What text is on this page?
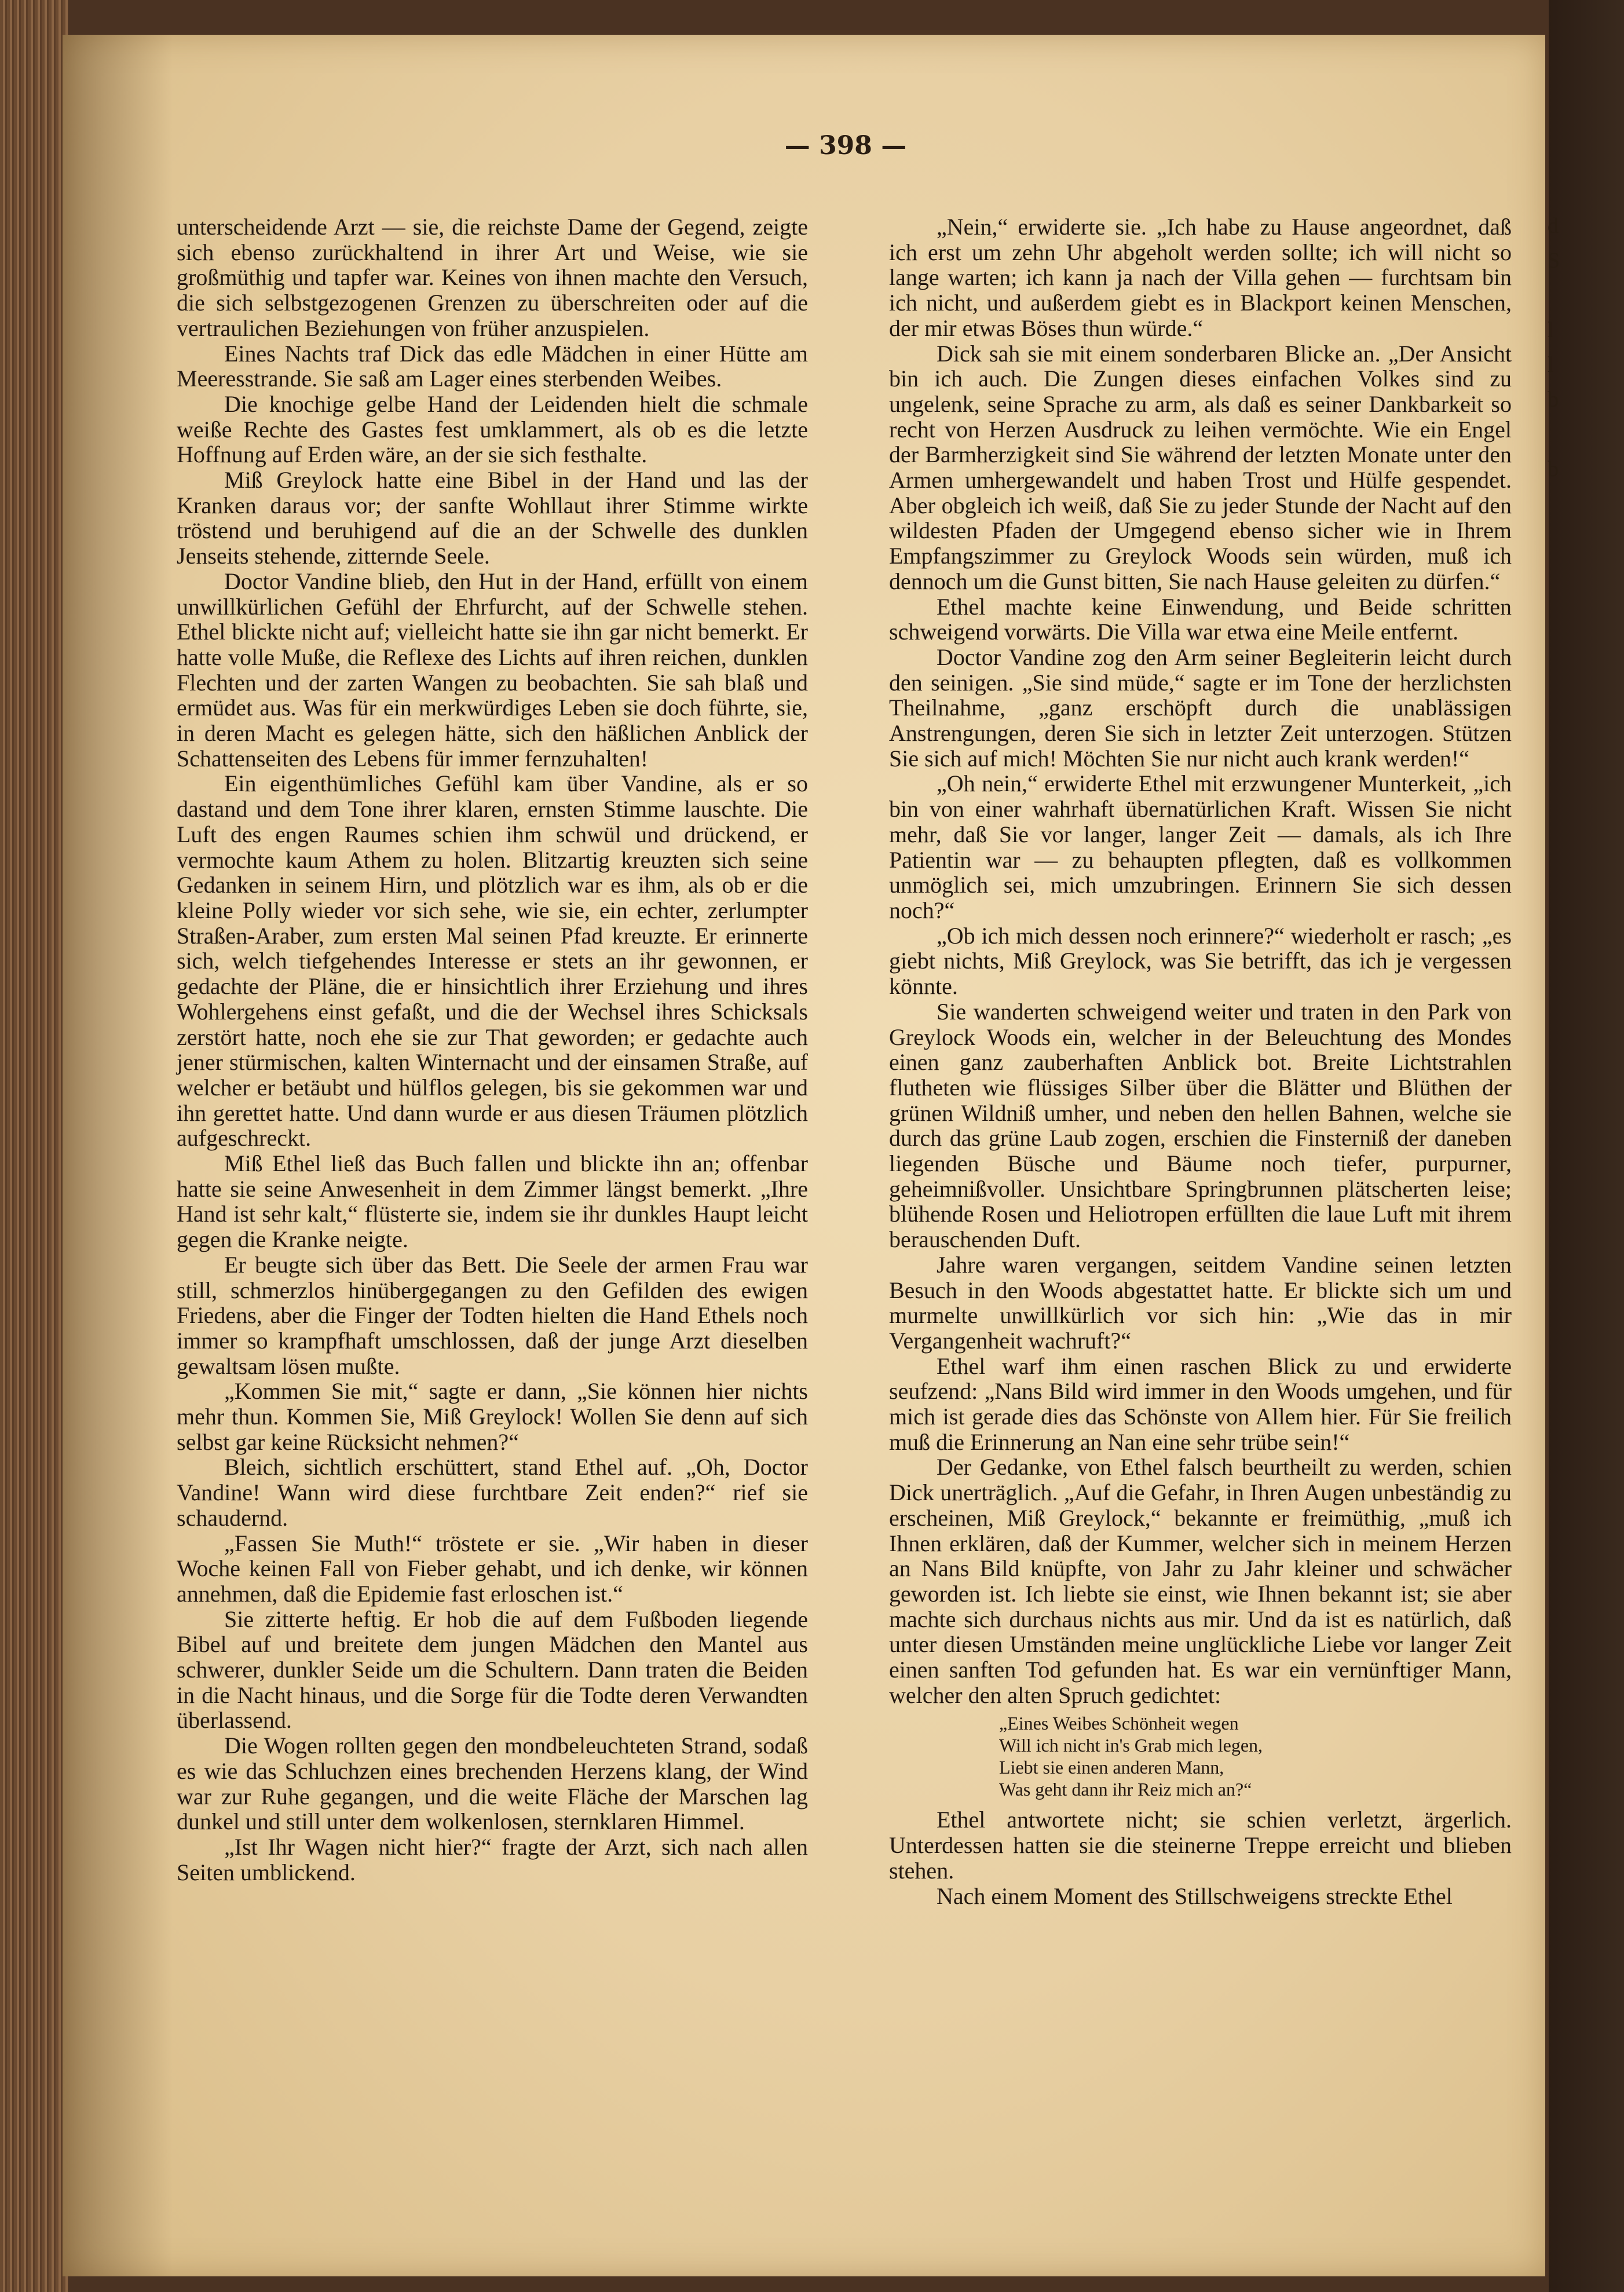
— 398 —

unterscheidende Arzt — sie, die reichste Dame der Gegend, zeigte sich ebenso zurückhaltend in ihrer Art und Weise, wie sie großmüthig und tapfer war. Keines von ihnen machte den Versuch, die sich selbstgezogenen Grenzen zu überschreiten oder auf die vertraulichen Beziehungen von früher anzuspielen.

Eines Nachts traf Dick das edle Mädchen in einer Hütte am Meeresstrande. Sie saß am Lager eines sterbenden Weibes.

Die knochige gelbe Hand der Leidenden hielt die schmale weiße Rechte des Gastes fest umklammert, als ob es die letzte Hoffnung auf Erden wäre, an der sie sich festhalte.

Miß Greylock hatte eine Bibel in der Hand und las der Kranken daraus vor; der sanfte Wohllaut ihrer Stimme wirkte tröstend und beruhigend auf die an der Schwelle des dunklen Jenseits stehende, zitternde Seele.

Doctor Vandine blieb, den Hut in der Hand, erfüllt von einem unwillkürlichen Gefühl der Ehrfurcht, auf der Schwelle stehen. Ethel blickte nicht auf; vielleicht hatte sie ihn gar nicht bemerkt. Er hatte volle Muße, die Reflexe des Lichts auf ihren reichen, dunklen Flechten und der zarten Wangen zu beobachten. Sie sah blaß und ermüdet aus. Was für ein merkwürdiges Leben sie doch führte, sie, in deren Macht es gelegen hätte, sich den häßlichen Anblick der Schattenseiten des Lebens für immer fernzuhalten!

Ein eigenthümliches Gefühl kam über Vandine, als er so dastand und dem Tone ihrer klaren, ernsten Stimme lauschte. Die Luft des engen Raumes schien ihm schwül und drückend, er vermochte kaum Athem zu holen. Blitzartig kreuzten sich seine Gedanken in seinem Hirn, und plötzlich war es ihm, als ob er die kleine Polly wieder vor sich sehe, wie sie, ein echter, zerlumpter Straßen-Araber, zum ersten Mal seinen Pfad kreuzte. Er erinnerte sich, welch tiefgehendes Interesse er stets an ihr gewonnen, er gedachte der Pläne, die er hinsichtlich ihrer Erziehung und ihres Wohlergehens einst gefaßt, und die der Wechsel ihres Schicksals zerstört hatte, noch ehe sie zur That geworden; er gedachte auch jener stürmischen, kalten Winternacht und der einsamen Straße, auf welcher er betäubt und hülflos gelegen, bis sie gekommen war und ihn gerettet hatte. Und dann wurde er aus diesen Träumen plötzlich aufgeschreckt.

Miß Ethel ließ das Buch fallen und blickte ihn an; offenbar hatte sie seine Anwesenheit in dem Zimmer längst bemerkt. „Ihre Hand ist sehr kalt,“ flüsterte sie, indem sie ihr dunkles Haupt leicht gegen die Kranke neigte.

Er beugte sich über das Bett. Die Seele der armen Frau war still, schmerzlos hinübergegangen zu den Gefilden des ewigen Friedens, aber die Finger der Todten hielten die Hand Ethels noch immer so krampfhaft umschlossen, daß der junge Arzt dieselben gewaltsam lösen mußte.

„Kommen Sie mit,“ sagte er dann, „Sie können hier nichts mehr thun. Kommen Sie, Miß Greylock! Wollen Sie denn auf sich selbst gar keine Rücksicht nehmen?“

Bleich, sichtlich erschüttert, stand Ethel auf. „Oh, Doctor Vandine! Wann wird diese furchtbare Zeit enden?“ rief sie schaudernd.

„Fassen Sie Muth!“ tröstete er sie. „Wir haben in dieser Woche keinen Fall von Fieber gehabt, und ich denke, wir können annehmen, daß die Epidemie fast erloschen ist.“

Sie zitterte heftig. Er hob die auf dem Fußboden liegende Bibel auf und breitete dem jungen Mädchen den Mantel aus schwerer, dunkler Seide um die Schultern. Dann traten die Beiden in die Nacht hinaus, und die Sorge für die Todte deren Verwandten überlassend.

Die Wogen rollten gegen den mondbeleuchteten Strand, sodaß es wie das Schluchzen eines brechenden Herzens klang, der Wind war zur Ruhe gegangen, und die weite Fläche der Marschen lag dunkel und still unter dem wolkenlosen, sternklaren Himmel.

„Ist Ihr Wagen nicht hier?“ fragte der Arzt, sich nach allen Seiten umblickend.

„Nein,“ erwiderte sie. „Ich habe zu Hause angeordnet, daß ich erst um zehn Uhr abgeholt werden sollte; ich will nicht so lange warten; ich kann ja nach der Villa gehen — furchtsam bin ich nicht, und außerdem giebt es in Blackport keinen Menschen, der mir etwas Böses thun würde.“

Dick sah sie mit einem sonderbaren Blicke an. „Der Ansicht bin ich auch. Die Zungen dieses einfachen Volkes sind zu ungelenk, seine Sprache zu arm, als daß es seiner Dankbarkeit so recht von Herzen Ausdruck zu leihen vermöchte. Wie ein Engel der Barmherzigkeit sind Sie während der letzten Monate unter den Armen umhergewandelt und haben Trost und Hülfe gespendet. Aber obgleich ich weiß, daß Sie zu jeder Stunde der Nacht auf den wildesten Pfaden der Umgegend ebenso sicher wie in Ihrem Empfangszimmer zu Greylock Woods sein würden, muß ich dennoch um die Gunst bitten, Sie nach Hause geleiten zu dürfen.“

Ethel machte keine Einwendung, und Beide schritten schweigend vorwärts. Die Villa war etwa eine Meile entfernt.

Doctor Vandine zog den Arm seiner Begleiterin leicht durch den seinigen. „Sie sind müde,“ sagte er im Tone der herzlichsten Theilnahme, „ganz erschöpft durch die unablässigen Anstrengungen, deren Sie sich in letzter Zeit unterzogen. Stützen Sie sich auf mich! Möchten Sie nur nicht auch krank werden!“

„Oh nein,“ erwiderte Ethel mit erzwungener Munterkeit, „ich bin von einer wahrhaft übernatürlichen Kraft. Wissen Sie nicht mehr, daß Sie vor langer, langer Zeit — damals, als ich Ihre Patientin war — zu behaupten pflegten, daß es vollkommen unmöglich sei, mich umzubringen. Erinnern Sie sich dessen noch?“

„Ob ich mich dessen noch erinnere?“ wiederholt er rasch; „es giebt nichts, Miß Greylock, was Sie betrifft, das ich je vergessen könnte.

Sie wanderten schweigend weiter und traten in den Park von Greylock Woods ein, welcher in der Beleuchtung des Mondes einen ganz zauberhaften Anblick bot. Breite Lichtstrahlen flutheten wie flüssiges Silber über die Blätter und Blüthen der grünen Wildniß umher, und neben den hellen Bahnen, welche sie durch das grüne Laub zogen, erschien die Finsterniß der daneben liegenden Büsche und Bäume noch tiefer, purpurner, geheimnißvoller. Unsichtbare Springbrunnen plätscherten leise; blühende Rosen und Heliotropen erfüllten die laue Luft mit ihrem berauschenden Duft.

Jahre waren vergangen, seitdem Vandine seinen letzten Besuch in den Woods abgestattet hatte. Er blickte sich um und murmelte unwillkürlich vor sich hin: „Wie das in mir Vergangenheit wachruft?“

Ethel warf ihm einen raschen Blick zu und erwiderte seufzend: „Nans Bild wird immer in den Woods umgehen, und für mich ist gerade dies das Schönste von Allem hier. Für Sie freilich muß die Erinnerung an Nan eine sehr trübe sein!“

Der Gedanke, von Ethel falsch beurtheilt zu werden, schien Dick unerträglich. „Auf die Gefahr, in Ihren Augen unbeständig zu erscheinen, Miß Greylock,“ bekannte er freimüthig, „muß ich Ihnen erklären, daß der Kummer, welcher sich in meinem Herzen an Nans Bild knüpfte, von Jahr zu Jahr kleiner und schwächer geworden ist. Ich liebte sie einst, wie Ihnen bekannt ist; sie aber machte sich durchaus nichts aus mir. Und da ist es natürlich, daß unter diesen Umständen meine unglückliche Liebe vor langer Zeit einen sanften Tod gefunden hat. Es war ein vernünftiger Mann, welcher den alten Spruch gedichtet:

„Eines Weibes Schönheit wegen
Will ich nicht in's Grab mich legen,
Liebt sie einen anderen Mann,
Was geht dann ihr Reiz mich an?“

Ethel antwortete nicht; sie schien verletzt, ärgerlich. Unterdessen hatten sie die steinerne Treppe erreicht und blieben stehen.

Nach einem Moment des Stillschweigens streckte Ethel

d
S
l
l
b
b
